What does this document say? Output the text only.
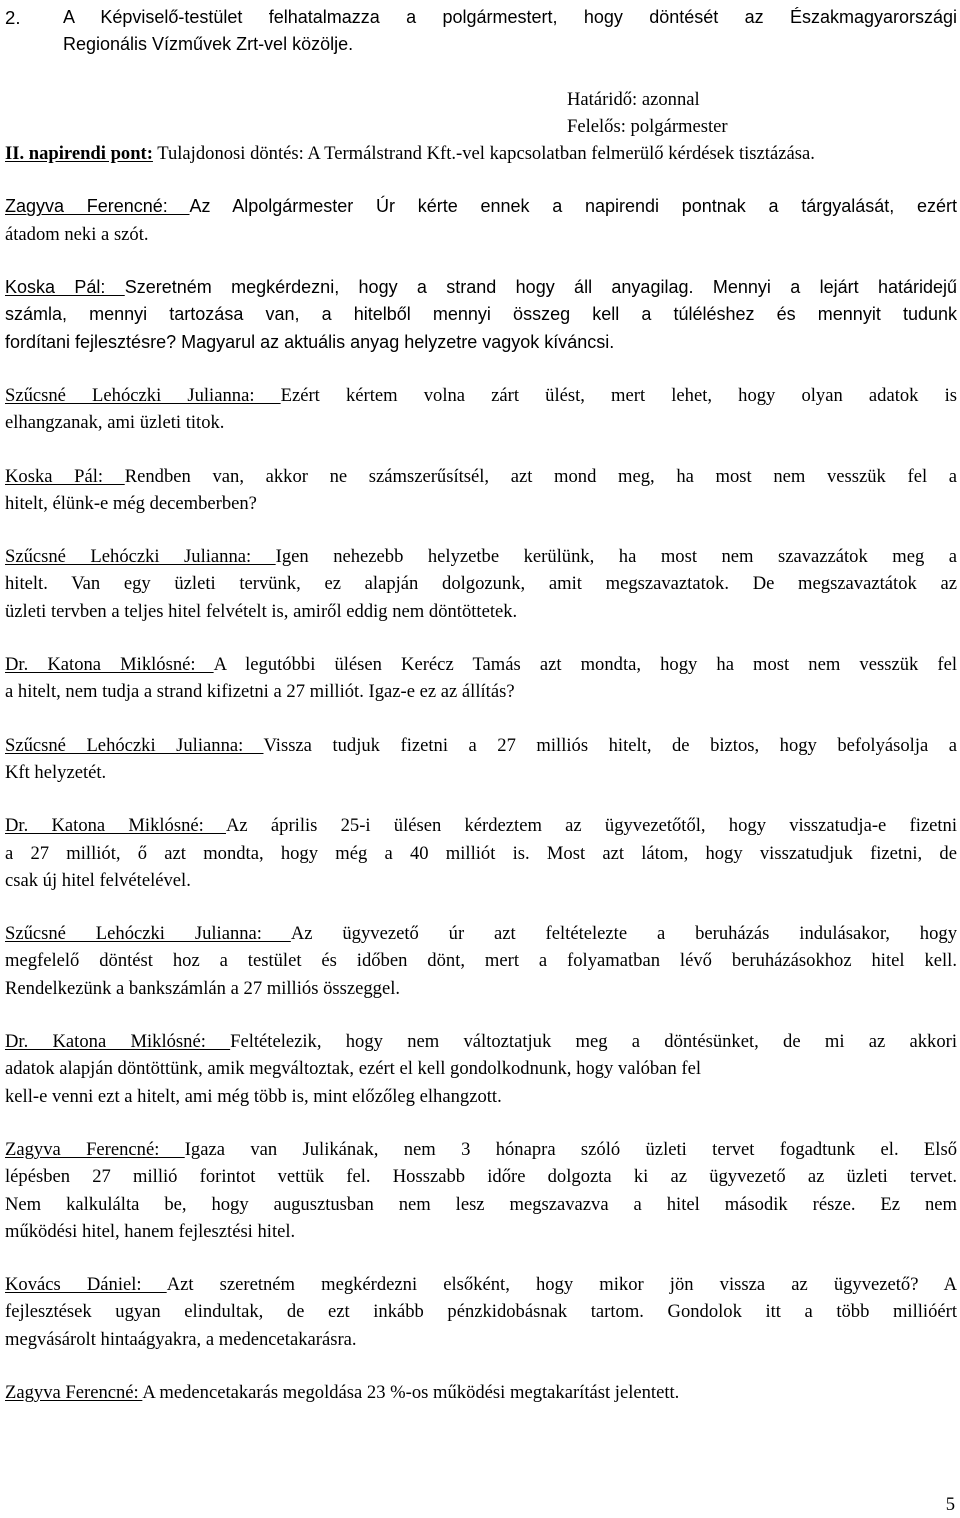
2. A Képviselő-testület felhatalmazza a polgármestert, hogy döntését az Északmagyarországi

Regionális Vízművek Zrt-vel közölje.

Határidő: azonnal
Felelős: polgármester

II. napirendi pont: Tulajdonosi döntés: A Termálstrand Kft.-vel kapcsolatban felmerülő kérdések tisztázása.

Zagyva Ferencné: Az Alpolgármester Úr kérte ennek a napirendi pontnak a tárgyalását, ezért

átadom neki a szót.

Koska Pál: Szeretném megkérdezni, hogy a strand hogy áll anyagilag. Mennyi a lejárt határidejű

számla, mennyi tartozása van, a hitelből mennyi összeg kell a túléléshez és mennyit tudunk

fordítani fejlesztésre? Magyarul az aktuális anyag helyzetre vagyok kíváncsi.

Szűcsné Lehóczki Julianna: Ezért kértem volna zárt ülést, mert lehet, hogy olyan adatok is

elhangzanak, ami üzleti titok.

Koska Pál: Rendben van, akkor ne számszerűsítsél, azt mond meg, ha most nem vesszük fel a

hitelt, élünk-e még decemberben?

Szűcsné Lehóczki Julianna: Igen nehezebb helyzetbe kerülünk, ha most nem szavazzátok meg a

hitelt. Van egy üzleti tervünk, ez alapján dolgozunk, amit megszavaztatok. De megszavaztátok az

üzleti tervben a teljes hitel felvételt is, amiről eddig nem döntöttetek.

Dr. Katona Miklósné: A legutóbbi ülésen Kerécz Tamás azt mondta, hogy ha most nem vesszük fel

a hitelt, nem tudja a strand kifizetni a 27 milliót. Igaz-e ez az állítás?

Szűcsné Lehóczki Julianna: Vissza tudjuk fizetni a 27 milliós hitelt, de biztos, hogy befolyásolja a

Kft helyzetét.

Dr. Katona Miklósné: Az április 25-i ülésen kérdeztem az ügyvezetőtől, hogy visszatudja-e fizetni

a 27 milliót, ő azt mondta, hogy még a 40 milliót is. Most azt látom, hogy visszatudjuk fizetni, de

csak új hitel felvételével.

Szűcsné Lehóczki Julianna: Az ügyvezető úr azt feltételezte a beruházás indulásakor, hogy

megfelelő döntést hoz a testület és időben dönt, mert a folyamatban lévő beruházásokhoz hitel kell.

Rendelkezünk a bankszámlán a 27 milliós összeggel.

Dr. Katona Miklósné: Feltételezik, hogy nem változtatjuk meg a döntésünket, de mi az akkori

adatok alapján döntöttünk, amik megváltoztak, ezért el kell gondolkodnunk, hogy valóban fel

kell-e venni ezt a hitelt, ami még több is, mint előzőleg elhangzott.

Zagyva Ferencné: Igaza van Julikának, nem 3 hónapra szóló üzleti tervet fogadtunk el. Első

lépésben 27 millió forintot vettük fel. Hosszabb időre dolgozta ki az ügyvezető az üzleti tervet.

Nem kalkulálta be, hogy augusztusban nem lesz megszavazva a hitel második része. Ez nem

működési hitel, hanem fejlesztési hitel.

Kovács Dániel: Azt szeretném megkérdezni elsőként, hogy mikor jön vissza az ügyvezető? A

fejlesztések ugyan elindultak, de ezt inkább pénzkidobásnak tartom. Gondolok itt a több millióért

megvásárolt hintaágyakra, a medencetakarásra.

Zagyva Ferencné: A medencetakarás megoldása 23 %-os működési megtakarítást jelentett.

5
